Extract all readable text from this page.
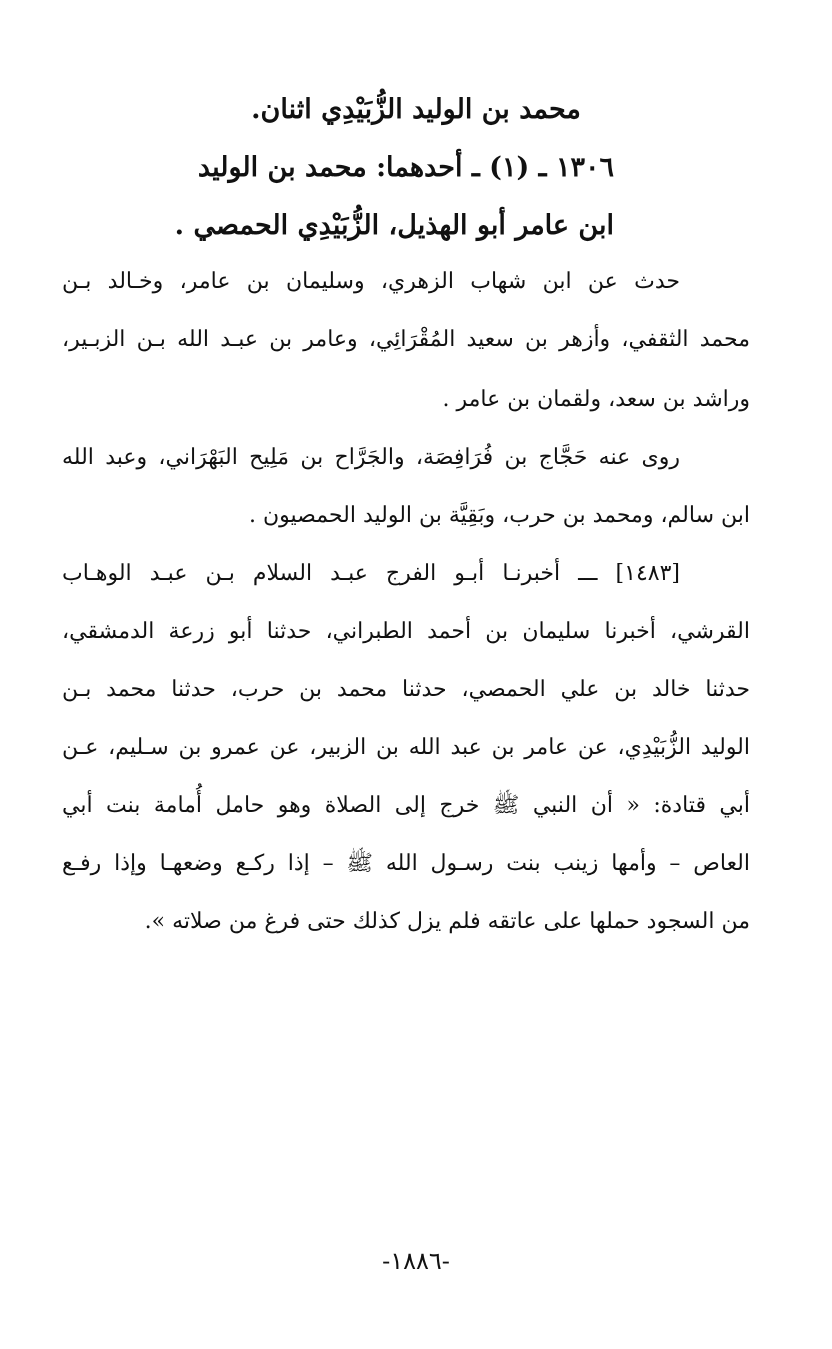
محمد بن الوليد الزُّبَيْدِي اثنان.
١٣٠٦ ـ (١) ـ أحدهما: محمد بن الوليد
ابن عامر أبو الهذيل، الزُّبَيْدِي الحمصي .
حدث عن ابن شهاب الزهري، وسليمان بن عامر، وخـالد بـن
محمد الثقفي، وأزهر بن سعيد المُقْرَائِي، وعامر بن عبـد الله بـن الزبـير،
وراشد بن سعد، ولقمان بن عامر .
روى عنه حَجَّاج بن فُرَافِصَة، والجَرَّاح بن مَلِيح البَهْرَاني، وعبد الله
ابن سالم، ومحمد بن حرب، وبَقِيَّة بن الوليد الحمصيون .
[١٤٨٣] ـــ أخبرنـا أبـو الفرج عبـد السلام بـن عبـد الوهـاب
القرشي، أخبرنا سليمان بن أحمد الطبراني، حدثنا أبو زرعة الدمشقي،
حدثنا خالد بن علي الحمصي، حدثنا محمد بن حرب، حدثنا محمد بـن
الوليد الزُّبَيْدِي، عن عامر بن عبد الله بن الزبير، عن عمرو بن سـليم، عـن
أبي قتادة: « أن النبي ﷺ خرج إلى الصلاة وهو حامل أُمامة بنت أبي
العاص – وأمها زينب بنت رسـول الله ﷺ – إذا ركـع وضعهـا وإذا رفـع
من السجود حملها على عاتقه فلم يزل كذلك حتى فرغ من صلاته ».
-١٨٨٦-
